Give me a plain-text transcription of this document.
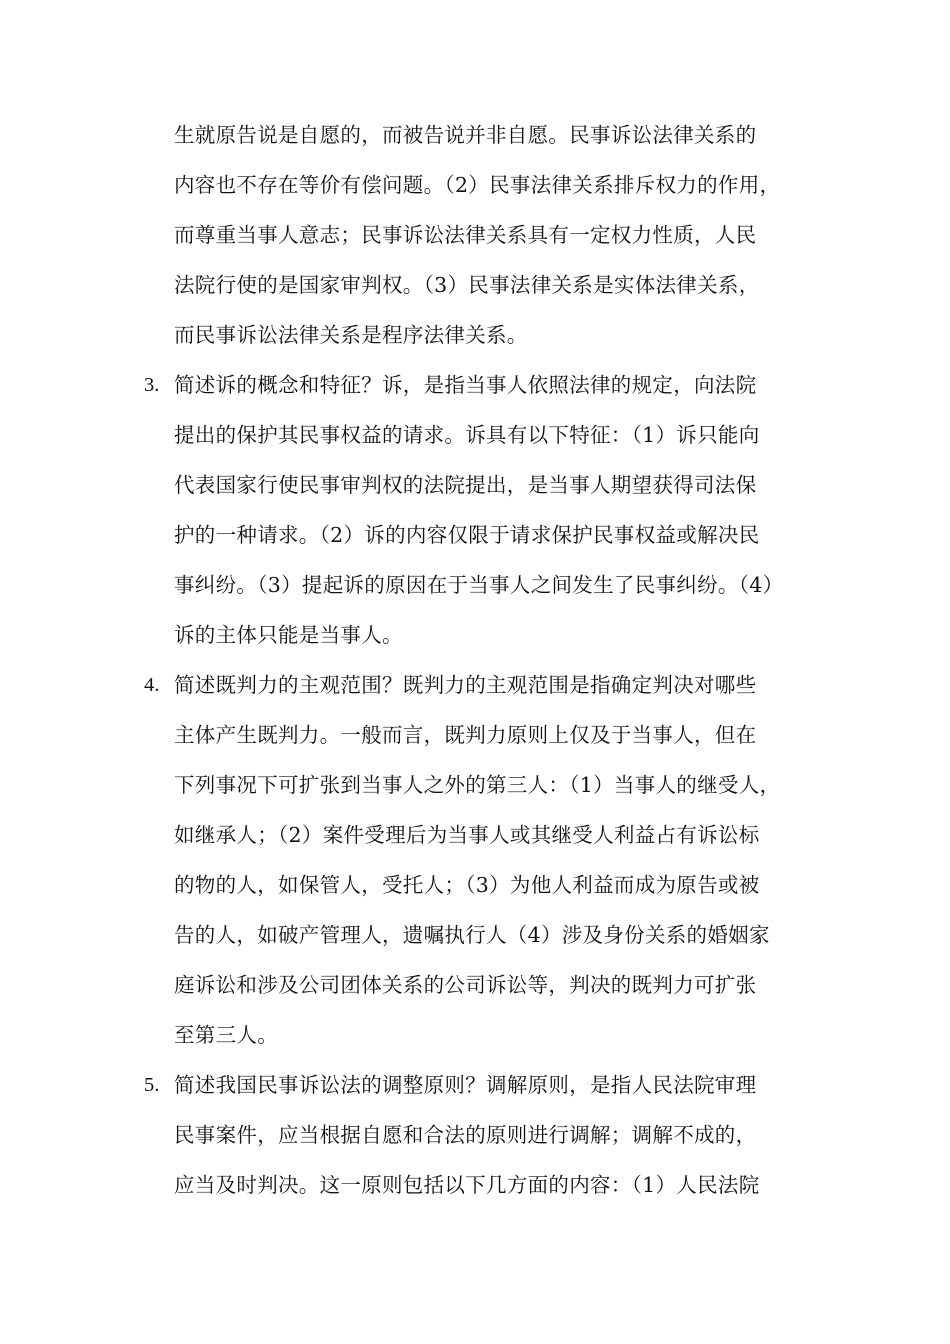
生就原告说是自愿的，而被告说并非自愿。民事诉讼法律关系的
内容也不存在等价有偿问题。（2）民事法律关系排斥权力的作用，
而尊重当事人意志；民事诉讼法律关系具有一定权力性质，人民
法院行使的是国家审判权。（3）民事法律关系是实体法律关系，
而民事诉讼法律关系是程序法律关系。
3. 简述诉的概念和特征？诉，是指当事人依照法律的规定，向法院
提出的保护其民事权益的请求。诉具有以下特征：（1）诉只能向
代表国家行使民事审判权的法院提出，是当事人期望获得司法保
护的一种请求。（2）诉的内容仅限于请求保护民事权益或解决民
事纠纷。（3）提起诉的原因在于当事人之间发生了民事纠纷。（4）
诉的主体只能是当事人。
4. 简述既判力的主观范围？既判力的主观范围是指确定判决对哪些
主体产生既判力。一般而言，既判力原则上仅及于当事人，但在
下列事况下可扩张到当事人之外的第三人：（1）当事人的继受人，
如继承人；（2）案件受理后为当事人或其继受人利益占有诉讼标
的物的人，如保管人，受托人；（3）为他人利益而成为原告或被
告的人，如破产管理人，遗嘱执行人（4）涉及身份关系的婚姻家
庭诉讼和涉及公司团体关系的公司诉讼等，判决的既判力可扩张
至第三人。
5. 简述我国民事诉讼法的调整原则？调解原则，是指人民法院审理
民事案件，应当根据自愿和合法的原则进行调解；调解不成的，
应当及时判决。这一原则包括以下几方面的内容：（1）人民法院
